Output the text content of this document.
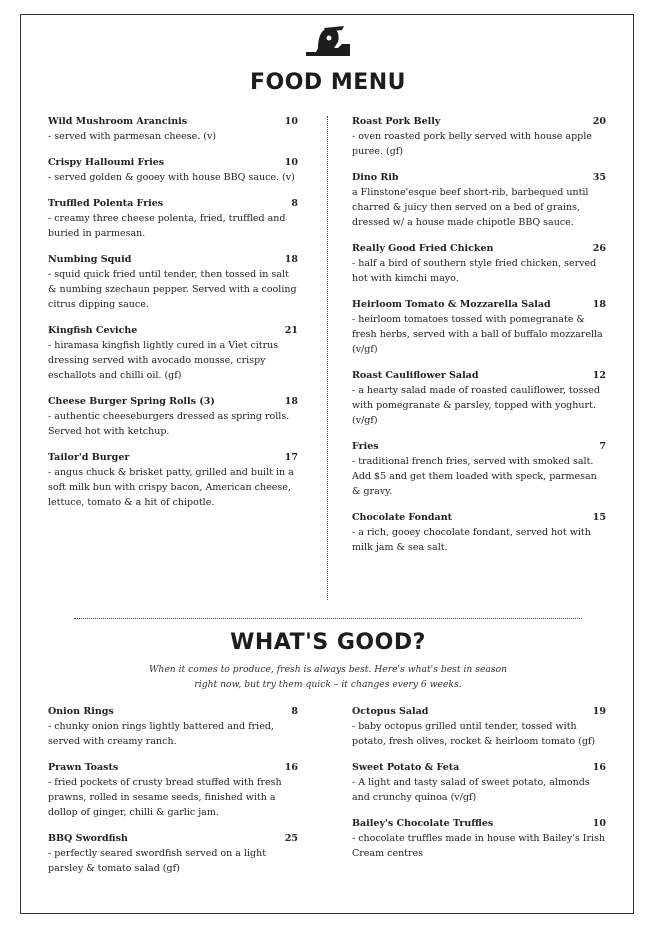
FOOD MENU
Wild Mushroom Arancinis	10
- served with parmesan cheese. (v)
Crispy Halloumi Fries	10
- served golden & gooey with house BBQ sauce. (v)
Truffled Polenta Fries	8
- creamy three cheese polenta, fried, truffled and buried in parmesan.
Numbing Squid	18
- squid quick fried until tender, then tossed in salt & numbing szechaun pepper. Served with a cooling citrus dipping sauce.
Kingfish Ceviche	21
- hiramasa kingfish lightly cured in a Viet citrus dressing served with avocado mousse, crispy eschallots and chilli oil. (gf)
Cheese Burger Spring Rolls (3)	18
- authentic cheeseburgers dressed as spring rolls. Served hot with ketchup.
Tailor'd Burger	17
- angus chuck & brisket patty, grilled and built in a soft milk bun with crispy bacon, American cheese, lettuce, tomato & a hit of chipotle.
Roast Pork Belly	20
- oven roasted pork belly served with house apple puree. (gf)
Dino Rib	35
a Flinstone'esque beef short-rib, barbequed until charred & juicy then served on a bed of grains, dressed w/ a house made chipotle BBQ sauce.
Really Good Fried Chicken	26
- half a bird of southern style fried chicken, served hot with kimchi mayo.
Heirloom Tomato & Mozzarella Salad	18
- heirloom tomatoes tossed with pomegranate & fresh herbs, served with a ball of buffalo mozzarella (v/gf)
Roast Cauliflower Salad	12
- a hearty salad made of roasted cauliflower, tossed with pomegranate & parsley, topped with yoghurt. (v/gf)
Fries	7
- traditional french fries, served with smoked salt. Add $5 and get them loaded with speck, parmesan & gravy.
Chocolate Fondant	15
- a rich, gooey chocolate fondant, served hot with milk jam & sea salt.
WHAT'S GOOD?
When it comes to produce, fresh is always best. Here's what's best in season
right now, but try them quick – it changes every 6 weeks.
Onion Rings	8
- chunky onion rings lightly battered and fried, served with creamy ranch.
Prawn Toasts	16
- fried pockets of crusty bread stuffed with fresh prawns, rolled in sesame seeds, finished with a dollop of ginger, chilli & garlic jam.
BBQ Swordfish	25
- perfectly seared swordfish served on a light parsley & tomato salad (gf)
Octopus Salad	19
- baby octopus grilled until tender, tossed with potato, fresh olives, rocket & heirloom tomato (gf)
Sweet Potato & Feta	16
- A light and tasty salad of sweet potato, almonds and crunchy quinoa (v/gf)
Bailey's Chocolate Truffles	10
- chocolate truffles made in house with Bailey's Irish Cream centres
